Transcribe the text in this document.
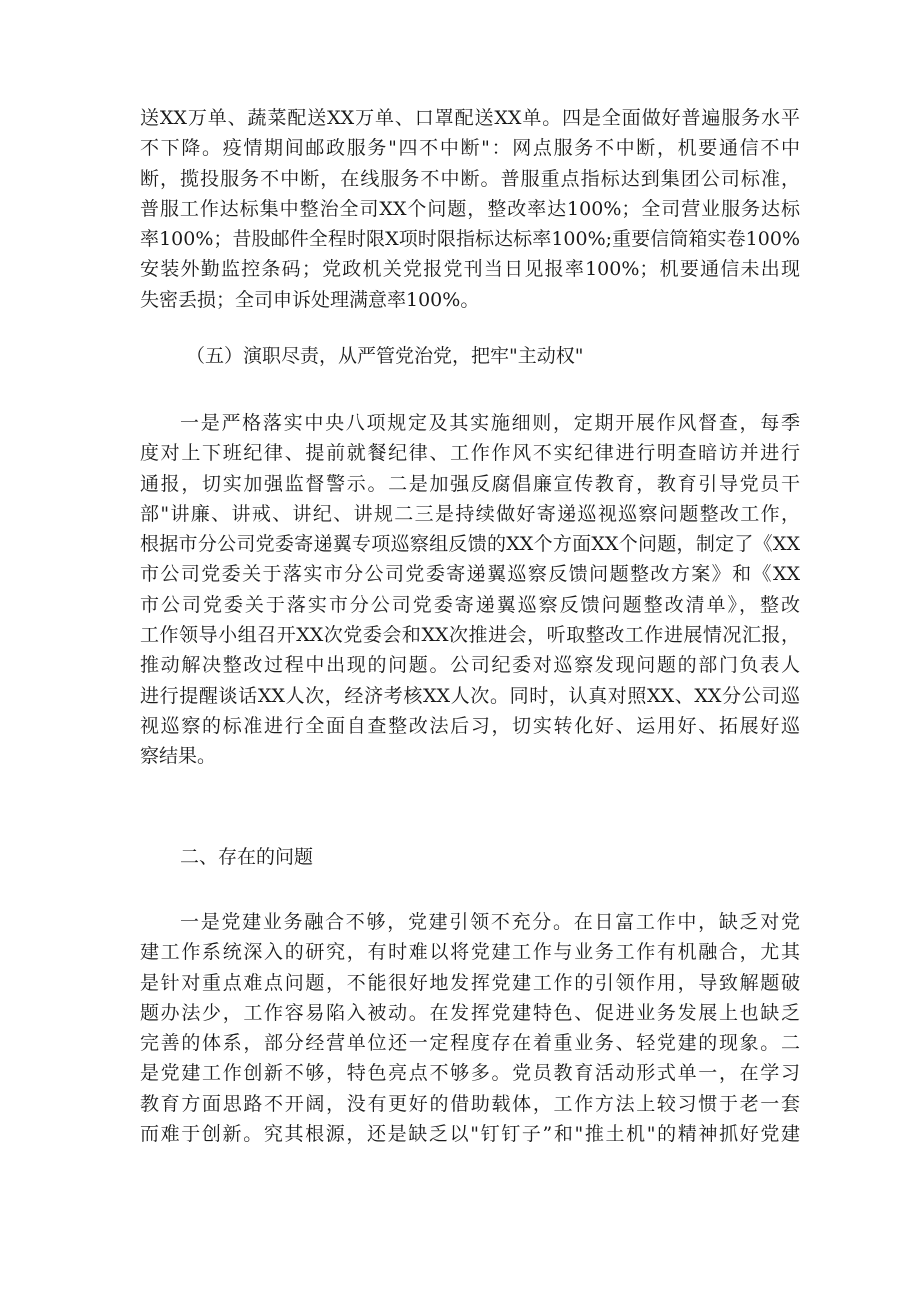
送XX万单、蔬菜配送XX万单、口罩配送XX单。四是全面做好普遍服务水平
不下降。疫情期间邮政服务"四不中断"：网点服务不中断，机要通信不中
断，揽投服务不中断，在线服务不中断。普服重点指标达到集团公司标准，
普服工作达标集中整治全司XX个问题，整改率达100%；全司营业服务达标
率100%；昔股邮件全程时限X项时限指标达标率100%;重要信筒箱实卷100%
安装外勤监控条码；党政机关党报党刊当日见报率100%；机要通信未出现
失密丢损；全司申诉处理满意率100%。
（五）演职尽责，从严管党治党，把牢"主动权"
一是严格落实中央八项规定及其实施细则，定期开展作风督查，每季
度对上下班纪律、提前就餐纪律、工作作风不实纪律进行明查暗访并进行
通报，切实加强监督警示。二是加强反腐倡廉宣传教育，教育引导党员干
部"讲廉、讲戒、讲纪、讲规二三是持续做好寄递巡视巡察问题整改工作，
根据市分公司党委寄递翼专项巡察组反馈的XX个方面XX个问题，制定了《XX
市公司党委关于落实市分公司党委寄递翼巡察反馈问题整改方案》和《XX
市公司党委关于落实市分公司党委寄递翼巡察反馈问题整改清单》，整改
工作领导小组召开XX次党委会和XX次推进会，听取整改工作进展情况汇报，
推动解决整改过程中出现的问题。公司纪委对巡察发现问题的部门负表人
进行提醒谈话XX人次，经济考核XX人次。同时，认真对照XX、XX分公司巡
视巡察的标准进行全面自查整改法后习，切实转化好、运用好、拓展好巡
察结果。
二、存在的问题
一是党建业务融合不够，党建引领不充分。在日富工作中，缺乏对党
建工作系统深入的研究，有时难以将党建工作与业务工作有机融合，尤其
是针对重点难点问题，不能很好地发挥党建工作的引领作用，导致解题破
题办法少，工作容易陷入被动。在发挥党建特色、促进业务发展上也缺乏
完善的体系，部分经营单位还一定程度存在着重业务、轻党建的现象。二
是党建工作创新不够，特色亮点不够多。党员教育活动形式单一，在学习
教育方面思路不开阔，没有更好的借助载体，工作方法上较习惯于老一套
而难于创新。究其根源，还是缺乏以"钉钉子”和"推土机"的精神抓好党建
